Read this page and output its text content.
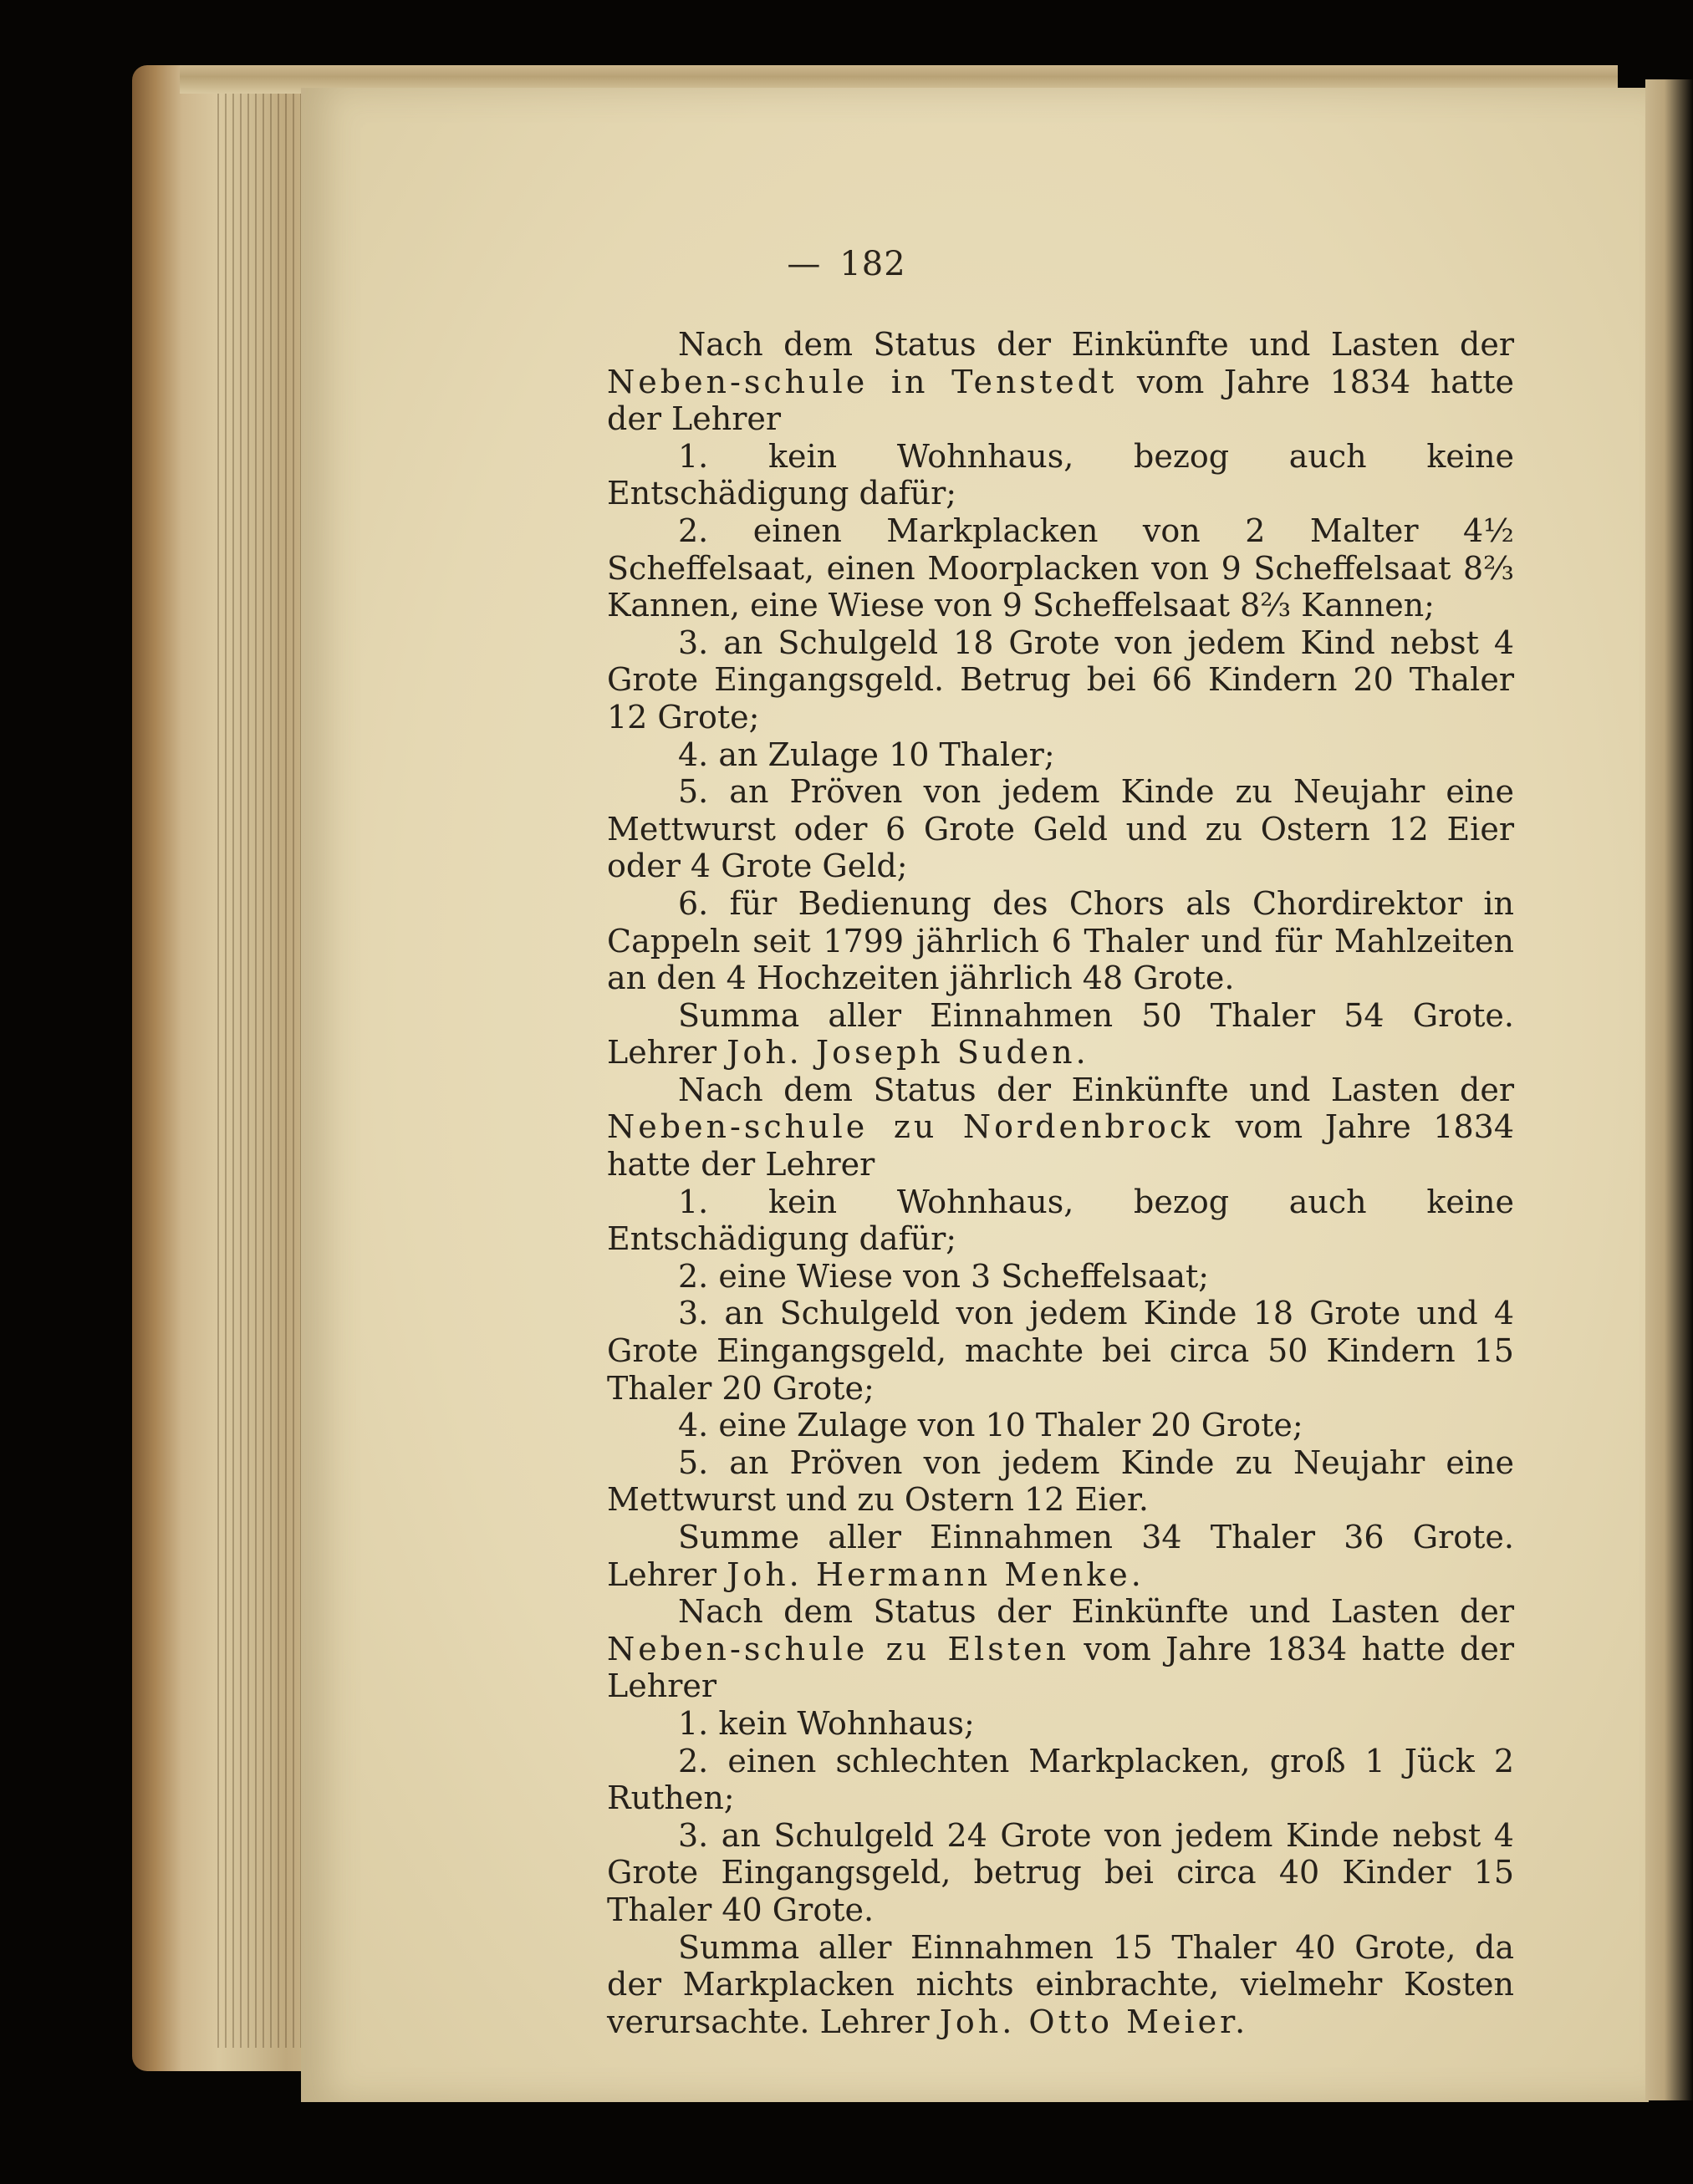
— 182

Nach dem Status der Einkünfte und Lasten der Neben-schule in Tenstedt vom Jahre 1834 hatte der Lehrer

1. kein Wohnhaus, bezog auch keine Entschädigung dafür;

2. einen Markplacken von 2 Malter 4½ Scheffelsaat, einen Moorplacken von 9 Scheffelsaat 8⅔ Kannen, eine Wiese von 9 Scheffelsaat 8⅔ Kannen;

3. an Schulgeld 18 Grote von jedem Kind nebst 4 Grote Eingangsgeld. Betrug bei 66 Kindern 20 Thaler 12 Grote;

4. an Zulage 10 Thaler;

5. an Pröven von jedem Kinde zu Neujahr eine Mettwurst oder 6 Grote Geld und zu Ostern 12 Eier oder 4 Grote Geld;

6. für Bedienung des Chors als Chordirektor in Cappeln seit 1799 jährlich 6 Thaler und für Mahlzeiten an den 4 Hochzeiten jährlich 48 Grote.

Summa aller Einnahmen 50 Thaler 54 Grote. Lehrer Joh. Joseph Suden.

Nach dem Status der Einkünfte und Lasten der Neben-schule zu Nordenbrock vom Jahre 1834 hatte der Lehrer

1. kein Wohnhaus, bezog auch keine Entschädigung dafür;

2. eine Wiese von 3 Scheffelsaat;

3. an Schulgeld von jedem Kinde 18 Grote und 4 Grote Eingangsgeld, machte bei circa 50 Kindern 15 Thaler 20 Grote;

4. eine Zulage von 10 Thaler 20 Grote;

5. an Pröven von jedem Kinde zu Neujahr eine Mettwurst und zu Ostern 12 Eier.

Summe aller Einnahmen 34 Thaler 36 Grote. Lehrer Joh. Hermann Menke.

Nach dem Status der Einkünfte und Lasten der Neben-schule zu Elsten vom Jahre 1834 hatte der Lehrer

1. kein Wohnhaus;

2. einen schlechten Markplacken, groß 1 Jück 2 Ruthen;

3. an Schulgeld 24 Grote von jedem Kinde nebst 4 Grote Eingangsgeld, betrug bei circa 40 Kinder 15 Thaler 40 Grote.

Summa aller Einnahmen 15 Thaler 40 Grote, da der Markplacken nichts einbrachte, vielmehr Kosten verursachte. Lehrer Joh. Otto Meier.
